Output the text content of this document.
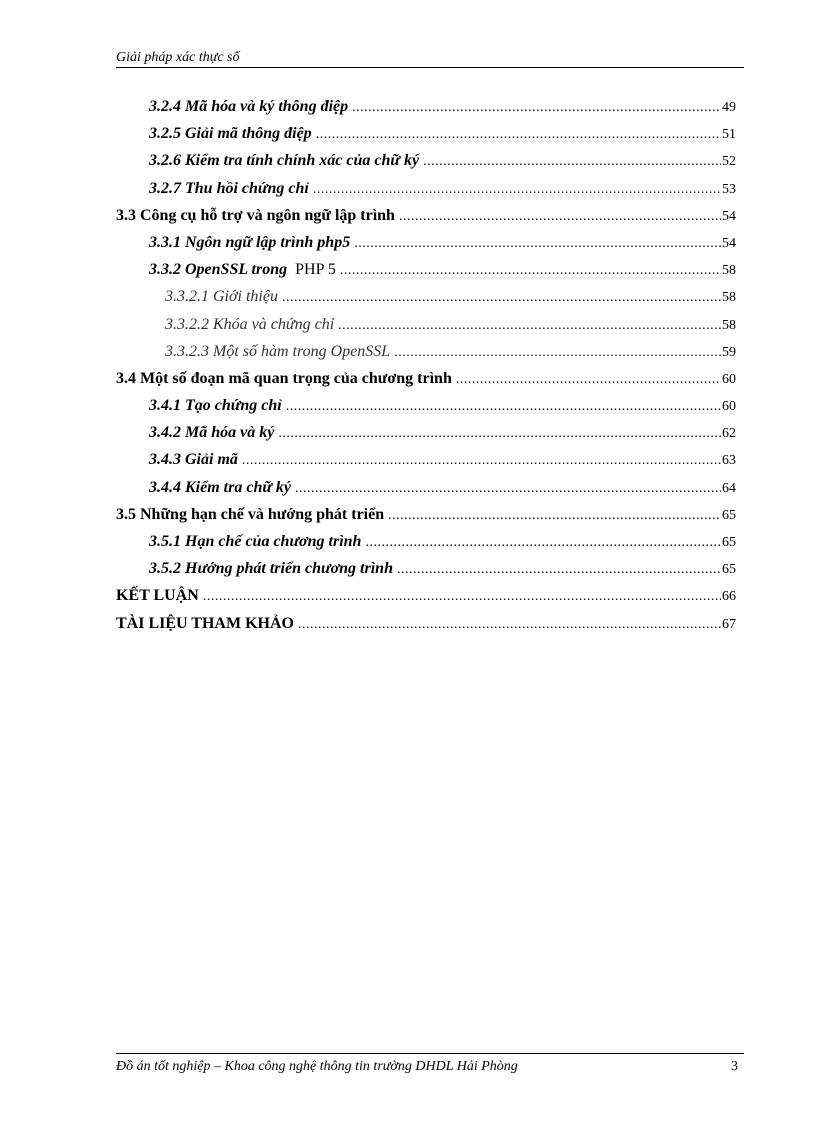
Giải pháp xác thực số
3.2.4 Mã hóa và ký thông điệp .....	49
3.2.5 Giải mã thông điệp .....	51
3.2.6 Kiểm tra tính chính xác của chữ ký .....	52
3.2.7 Thu hồi chứng chỉ .....	53
3.3 Công cụ hỗ trợ và ngôn ngữ lập trình .....	54
3.3.1 Ngôn ngữ lập trình php5 .....	54
3.3.2 OpenSSL trong PHP 5 .....	58
3.3.2.1 Giới thiệu .....	58
3.3.2.2 Khóa và chứng chỉ .....	58
3.3.2.3 Một số hàm trong OpenSSL .....	59
3.4 Một số đoạn mã quan trọng của chương trình .....	60
3.4.1 Tạo chứng chỉ .....	60
3.4.2 Mã hóa và ký .....	62
3.4.3 Giải mã .....	63
3.4.4 Kiểm tra chữ ký .....	64
3.5 Những hạn chế và hướng phát triển .....	65
3.5.1 Hạn chế của chương trình .....	65
3.5.2 Hướng phát triển chương trình .....	65
KẾT LUẬN .....	66
TÀI LIỆU THAM KHẢO .....	67
Đồ án tốt nghiệp – Khoa công nghệ thông tin trường DHDL Hải Phòng	3
